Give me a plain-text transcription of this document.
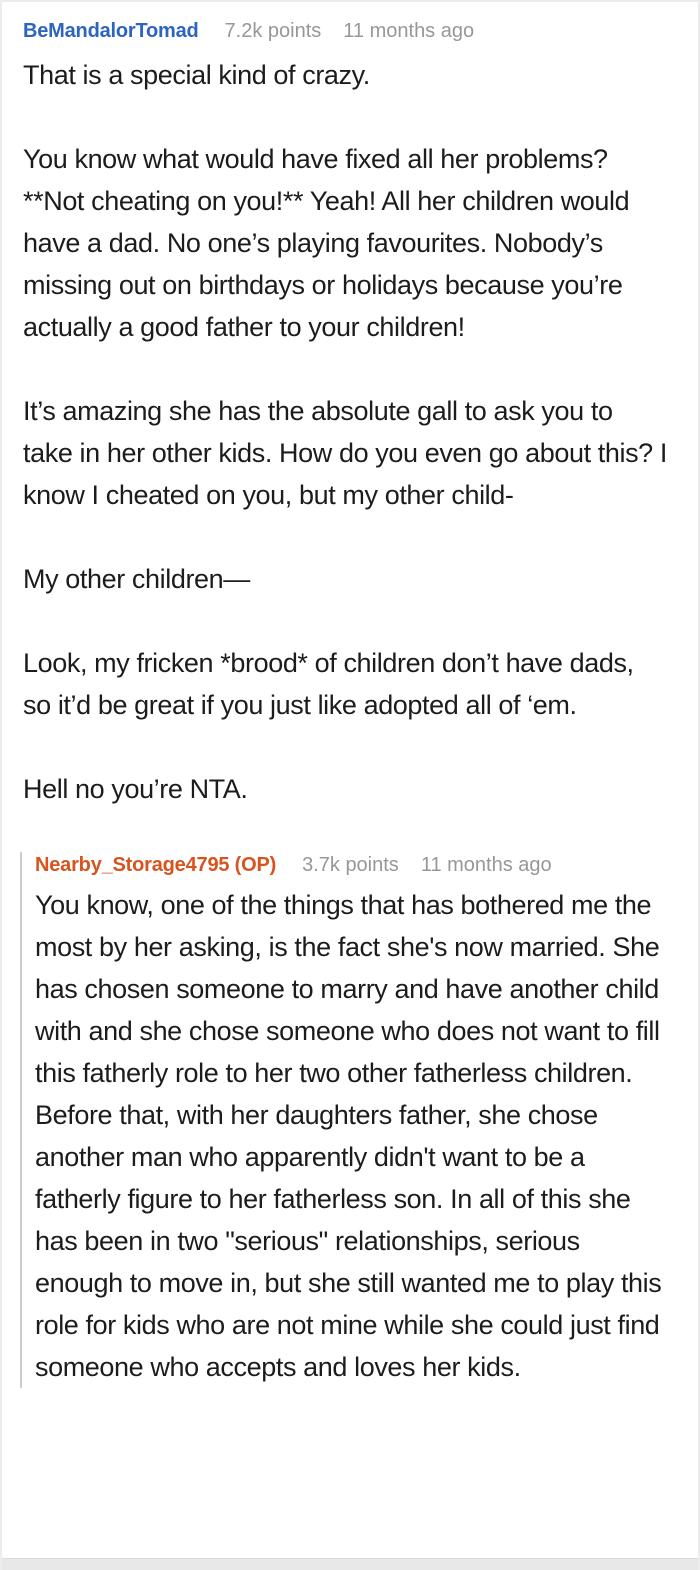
BeMandalorTomad 7.2k points 11 months ago

That is a special kind of crazy.

You know what would have fixed all her problems? **Not cheating on you!** Yeah! All her children would have a dad. No one’s playing favourites. Nobody’s missing out on birthdays or holidays because you’re actually a good father to your children!

It’s amazing she has the absolute gall to ask you to take in her other kids. How do you even go about this? I know I cheated on you, but my other child-

My other children—

Look, my fricken *brood* of children don’t have dads, so it’d be great if you just like adopted all of ‘em.

Hell no you’re NTA.

Nearby_Storage4795 (OP) 3.7k points 11 months ago

You know, one of the things that has bothered me the most by her asking, is the fact she's now married. She has chosen someone to marry and have another child with and she chose someone who does not want to fill this fatherly role to her two other fatherless children. Before that, with her daughters father, she chose another man who apparently didn't want to be a fatherly figure to her fatherless son. In all of this she has been in two "serious" relationships, serious enough to move in, but she still wanted me to play this role for kids who are not mine while she could just find someone who accepts and loves her kids.
